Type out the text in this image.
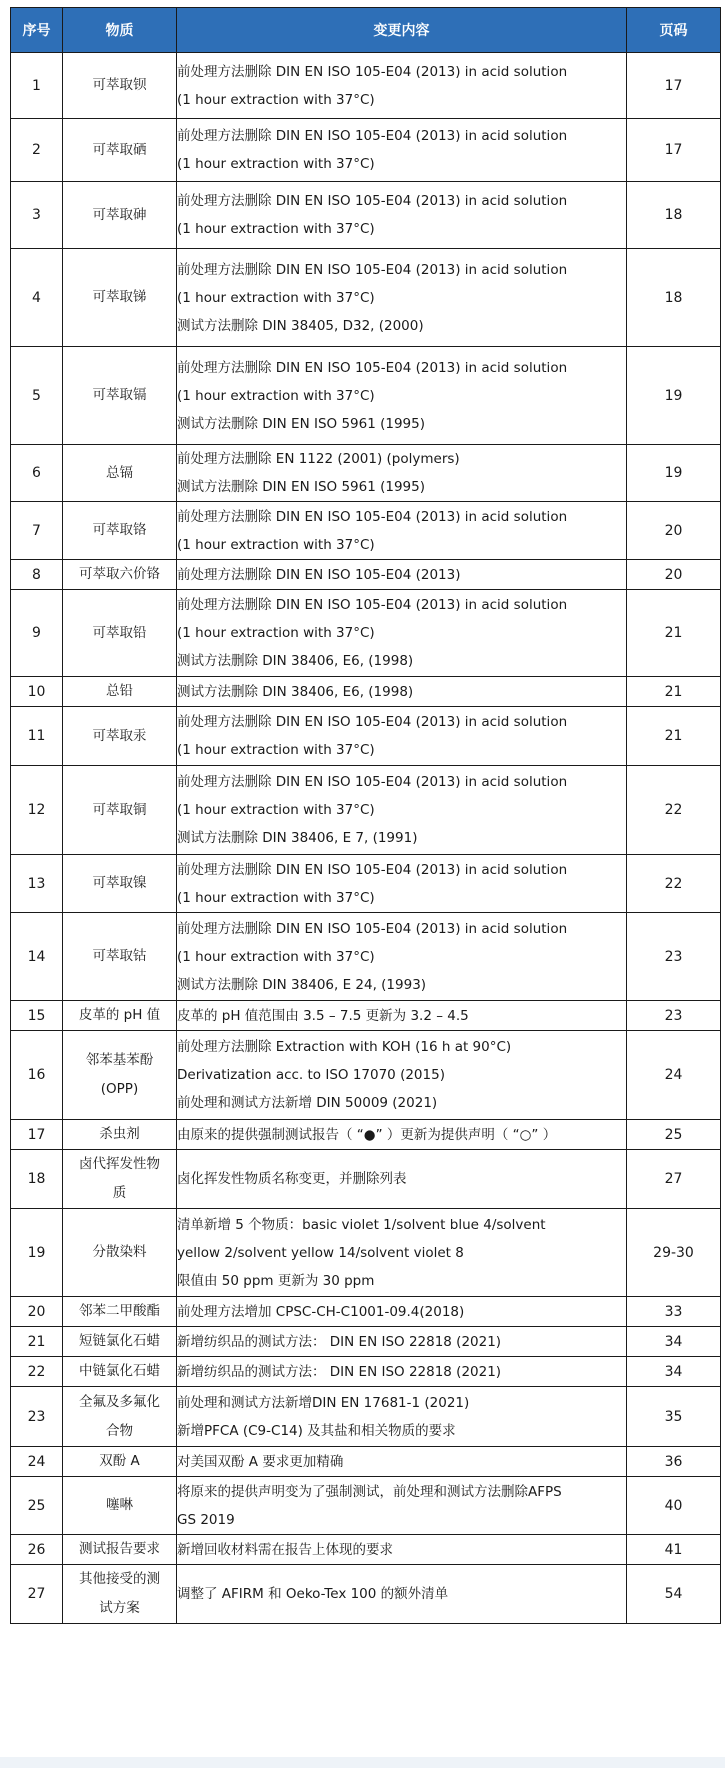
序号	物质	变更内容	页码
1	可萃取钡	前处理方法删除 DIN EN ISO 105-E04 (2013) in acid solution
(1 hour extraction with 37°C)	17
2	可萃取硒	前处理方法删除 DIN EN ISO 105-E04 (2013) in acid solution
(1 hour extraction with 37°C)	17
3	可萃取砷	前处理方法删除 DIN EN ISO 105-E04 (2013) in acid solution
(1 hour extraction with 37°C)	18
4	可萃取锑	前处理方法删除 DIN EN ISO 105-E04 (2013) in acid solution
(1 hour extraction with 37°C)
测试方法删除 DIN 38405, D32, (2000)	18
5	可萃取镉	前处理方法删除 DIN EN ISO 105-E04 (2013) in acid solution
(1 hour extraction with 37°C)
测试方法删除 DIN EN ISO 5961 (1995)	19
6	总镉	前处理方法删除 EN 1122 (2001) (polymers)
测试方法删除 DIN EN ISO 5961 (1995)	19
7	可萃取铬	前处理方法删除 DIN EN ISO 105-E04 (2013) in acid solution
(1 hour extraction with 37°C)	20
8	可萃取六价铬	前处理方法删除 DIN EN ISO 105-E04 (2013)	20
9	可萃取铅	前处理方法删除 DIN EN ISO 105-E04 (2013) in acid solution
(1 hour extraction with 37°C)
测试方法删除 DIN 38406, E6, (1998)	21
10	总铅	测试方法删除 DIN 38406, E6, (1998)	21
11	可萃取汞	前处理方法删除 DIN EN ISO 105-E04 (2013) in acid solution
(1 hour extraction with 37°C)	21
12	可萃取铜	前处理方法删除 DIN EN ISO 105-E04 (2013) in acid solution
(1 hour extraction with 37°C)
测试方法删除 DIN 38406, E 7, (1991)	22
13	可萃取镍	前处理方法删除 DIN EN ISO 105-E04 (2013) in acid solution
(1 hour extraction with 37°C)	22
14	可萃取钴	前处理方法删除 DIN EN ISO 105-E04 (2013) in acid solution
(1 hour extraction with 37°C)
测试方法删除 DIN 38406, E 24, (1993)	23
15	皮革的 pH 值	皮革的 pH 值范围由 3.5 – 7.5 更新为 3.2 – 4.5	23
16	邻苯基苯酚
(OPP)	前处理方法删除 Extraction with KOH (16 h at 90°C)
Derivatization acc. to ISO 17070 (2015)
前处理和测试方法新增 DIN 50009 (2021)	24
17	杀虫剂	由原来的提供强制测试报告（ “●” ）更新为提供声明（ “○” ）	25
18	卤代挥发性物
质	卤化挥发性物质名称变更，并删除列表	27
19	分散染料	清单新增 5 个物质：basic violet 1/solvent blue 4/solvent
yellow 2/solvent yellow 14/solvent violet 8
限值由 50 ppm 更新为 30 ppm	29-30
20	邻苯二甲酸酯	前处理方法增加 CPSC-CH-C1001-09.4(2018)	33
21	短链氯化石蜡	新增纺织品的测试方法： DIN EN ISO 22818 (2021)	34
22	中链氯化石蜡	新增纺织品的测试方法： DIN EN ISO 22818 (2021)	34
23	全氟及多氟化
合物	前处理和测试方法新增DIN EN 17681-1 (2021)
新增PFCA (C9-C14) 及其盐和相关物质的要求	35
24	双酚 A	对美国双酚 A 要求更加精确	36
25	噻啉	将原来的提供声明变为了强制测试，前处理和测试方法删除AFPS
GS 2019	40
26	测试报告要求	新增回收材料需在报告上体现的要求	41
27	其他接受的测
试方案	调整了 AFIRM 和 Oeko-Tex 100 的额外清单	54
